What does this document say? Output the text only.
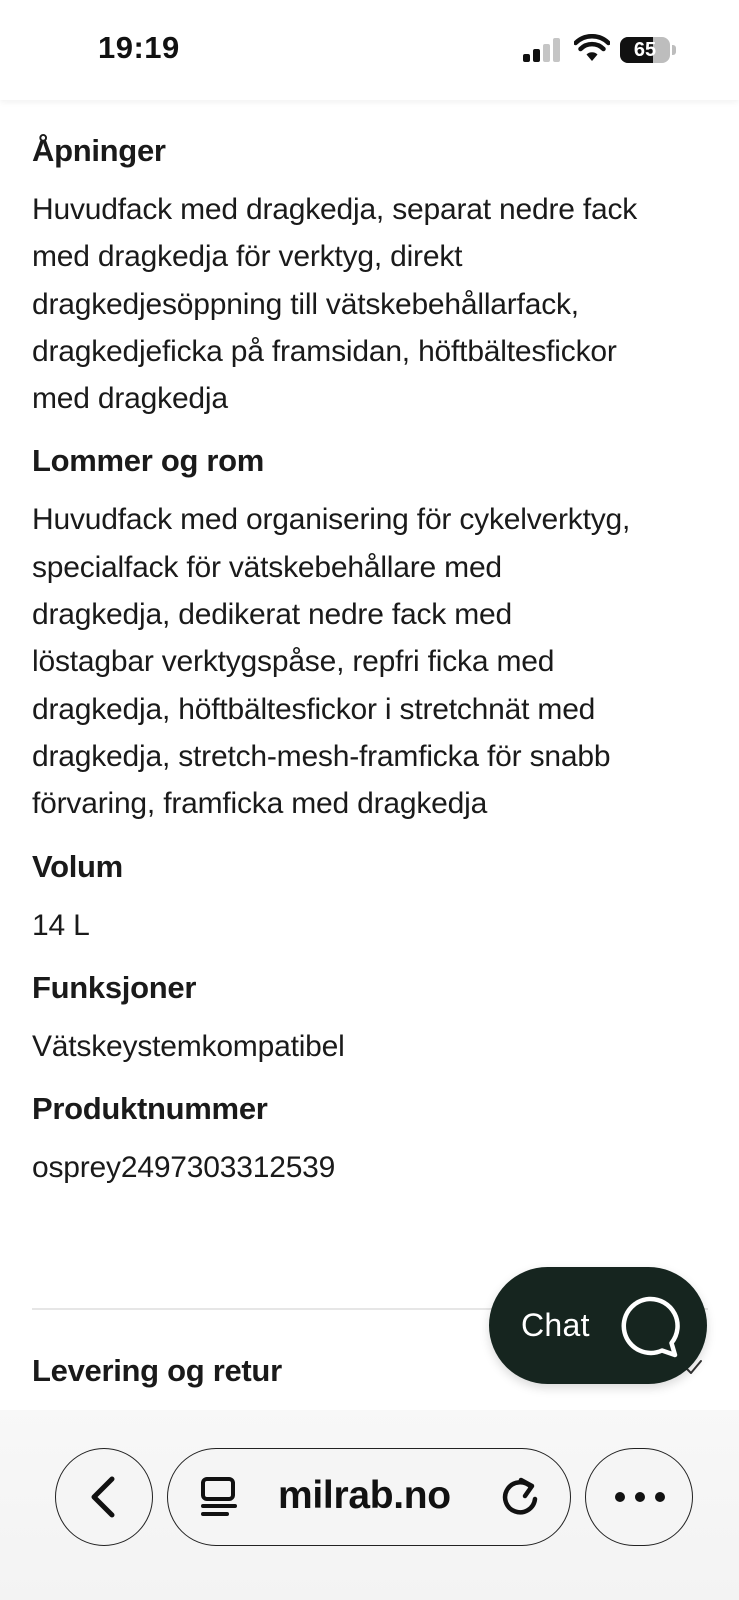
19:19	65
Åpninger

Huvudfack med dragkedja, separat nedre fack

med dragkedja för verktyg, direkt

dragkedjesöppning till vätskebehållarfack,

dragkedjeficka på framsidan, höftbältesfickor

med dragkedja

Lommer og rom

Huvudfack med organisering för cykelverktyg,

specialfack för vätskebehållare med

dragkedja, dedikerat nedre fack med

löstagbar verktygspåse, repfri ficka med

dragkedja, höftbältesfickor i stretchnät med

dragkedja, stretch-mesh-framficka för snabb

förvaring, framficka med dragkedja

Volum

14 L

Funksjoner

Vätskeystemkompatibel

Produktnummer

osprey2497303312539

Levering og retur
Chat
milrab.no
